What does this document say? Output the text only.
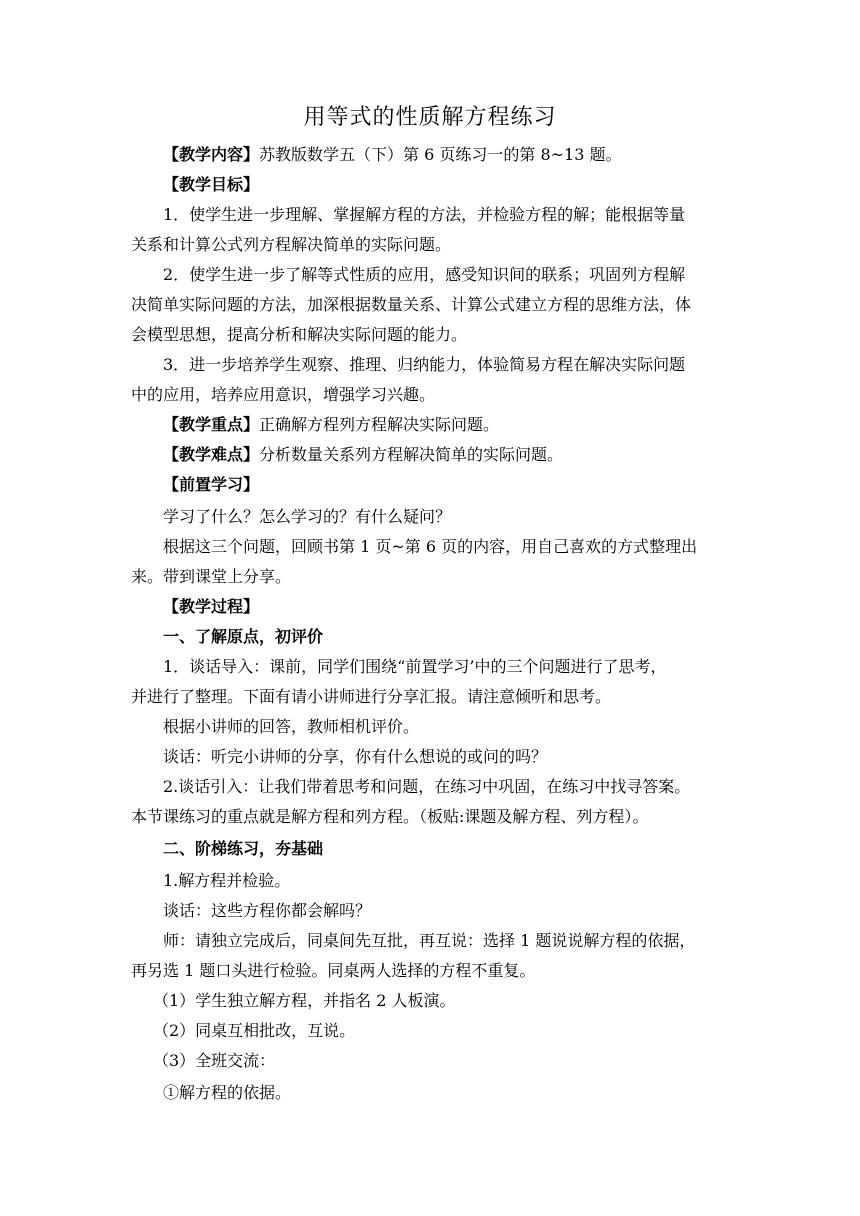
用等式的性质解方程练习
【教学内容】苏教版数学五（下）第 6 页练习一的第 8~13 题。
【教学目标】
1．使学生进一步理解、掌握解方程的方法，并检验方程的解；能根据等量
关系和计算公式列方程解决简单的实际问题。
2．使学生进一步了解等式性质的应用，感受知识间的联系；巩固列方程解
决简单实际问题的方法，加深根据数量关系、计算公式建立方程的思维方法，体
会模型思想，提高分析和解决实际问题的能力。
3．进一步培养学生观察、推理、归纳能力，体验简易方程在解决实际问题
中的应用，培养应用意识，增强学习兴趣。
【教学重点】正确解方程列方程解决实际问题。
【教学难点】分析数量关系列方程解决简单的实际问题。
【前置学习】
学习了什么？怎么学习的？有什么疑问？
根据这三个问题，回顾书第 1 页~第 6 页的内容，用自己喜欢的方式整理出
来。带到课堂上分享。
【教学过程】
一、了解原点，初评价
1．谈话导入：课前，同学们围绕“前置学习’中的三个问题进行了思考，
并进行了整理。下面有请小讲师进行分享汇报。请注意倾听和思考。
根据小讲师的回答，教师相机评价。
谈话：听完小讲师的分享，你有什么想说的或问的吗？
2.谈话引入：让我们带着思考和问题，在练习中巩固，在练习中找寻答案。
本节课练习的重点就是解方程和列方程。（板贴:课题及解方程、列方程）。
二、阶梯练习，夯基础
1.解方程并检验。
谈话：这些方程你都会解吗？
师：请独立完成后，同桌间先互批，再互说：选择 1 题说说解方程的依据，
再另选 1 题口头进行检验。同桌两人选择的方程不重复。
（1）学生独立解方程，并指名 2 人板演。
（2）同桌互相批改，互说。
（3）全班交流：
①解方程的依据。
